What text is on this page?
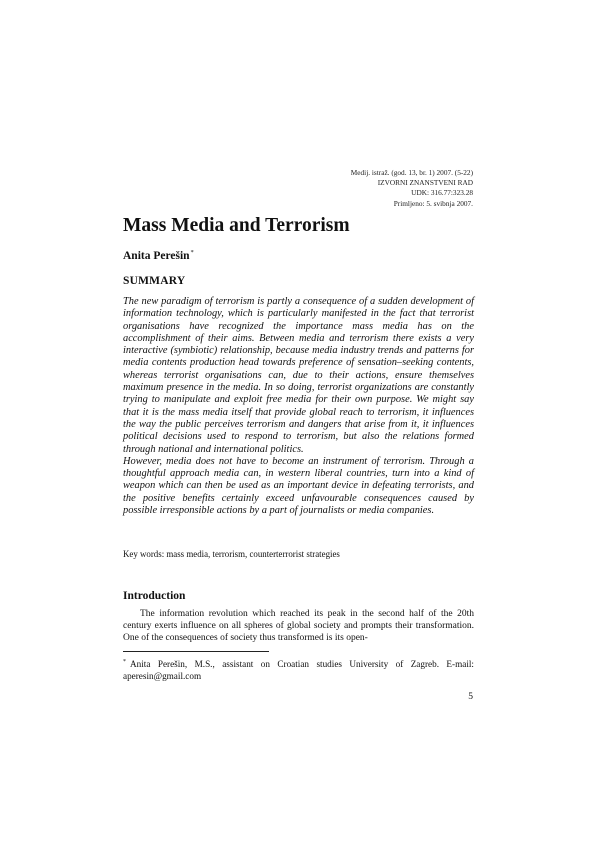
Medij. istraž. (god. 13, br. 1) 2007. (5-22)
IZVORNI ZNANSTVENI RAD
UDK: 316.77:323.28
Primljeno: 5. svibnja 2007.
Mass Media and Terrorism
Anita Perešin*
SUMMARY

The new paradigm of terrorism is partly a consequence of a sudden development of information technology, which is particularly manifested in the fact that terrorist organisations have recognized the importance mass media has on the accomplishment of their aims. Between media and terrorism there exists a very interactive (symbiotic) relationship, because media industry trends and patterns for media contents production head towards preference of sensation–seeking contents, whereas terrorist organisations can, due to their actions, ensure themselves maximum presence in the media. In so doing, terrorist organizations are constantly trying to manipulate and exploit free media for their own purpose. We might say that it is the mass media itself that provide global reach to terrorism, it influences the way the public perceives terrorism and dangers that arise from it, it influences political decisions used to respond to terrorism, but also the relations formed through national and international politics.

However, media does not have to become an instrument of terrorism. Through a thoughtful approach media can, in western liberal countries, turn into a kind of weapon which can then be used as an important device in defeating terrorists, and the positive benefits certainly exceed unfavourable consequences caused by possible irresponsible actions by a part of journalists or media companies.

Key words: mass media, terrorism, counterterrorist strategies
Introduction

The information revolution which reached its peak in the second half of the 20th century exerts influence on all spheres of global society and prompts their transformation. One of the consequences of society thus transformed is its open-

* Anita Perešin, M.S., assistant on Croatian studies University of Zagreb. E-mail: aperesin@gmail.com

5
